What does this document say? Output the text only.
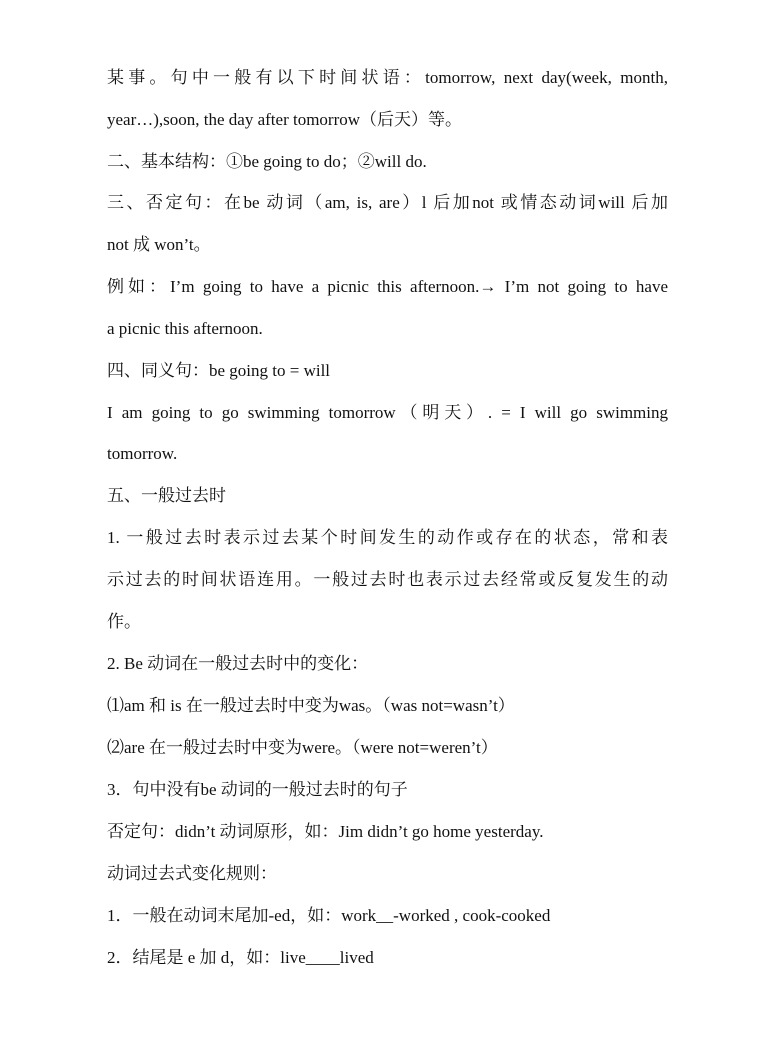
某事。句中一般有以下时间状语：tomorrow, next day(week, month,
year…),soon, the day after tomorrow（后天）等。
二、基本结构：①be going to do；②will do.
三、否定句：在be 动词（am, is, are）l 后加not 或情态动词will 后加
not 成 won’t。
例如：I’m going to have a picnic this afternoon.→ I’m not going to have
a picnic this afternoon.
四、同义句：be going to = will
I am going to go swimming tomorrow（明天）. = I will go swimming
tomorrow.
五、一般过去时
1. 一般过去时表示过去某个时间发生的动作或存在的状态，常和表
示过去的时间状语连用。一般过去时也表示过去经常或反复发生的动
作。
2. Be 动词在一般过去时中的变化：
⑴am 和 is 在一般过去时中变为was。（was not=wasn’t）
⑵are 在一般过去时中变为were。（were not=weren’t）
3．句中没有be 动词的一般过去时的句子
否定句：didn’t 动词原形，如：Jim didn’t go home yesterday.
动词过去式变化规则：
1．一般在动词末尾加-ed，如：work__-worked , cook-cooked
2．结尾是 e 加 d，如：live____lived
